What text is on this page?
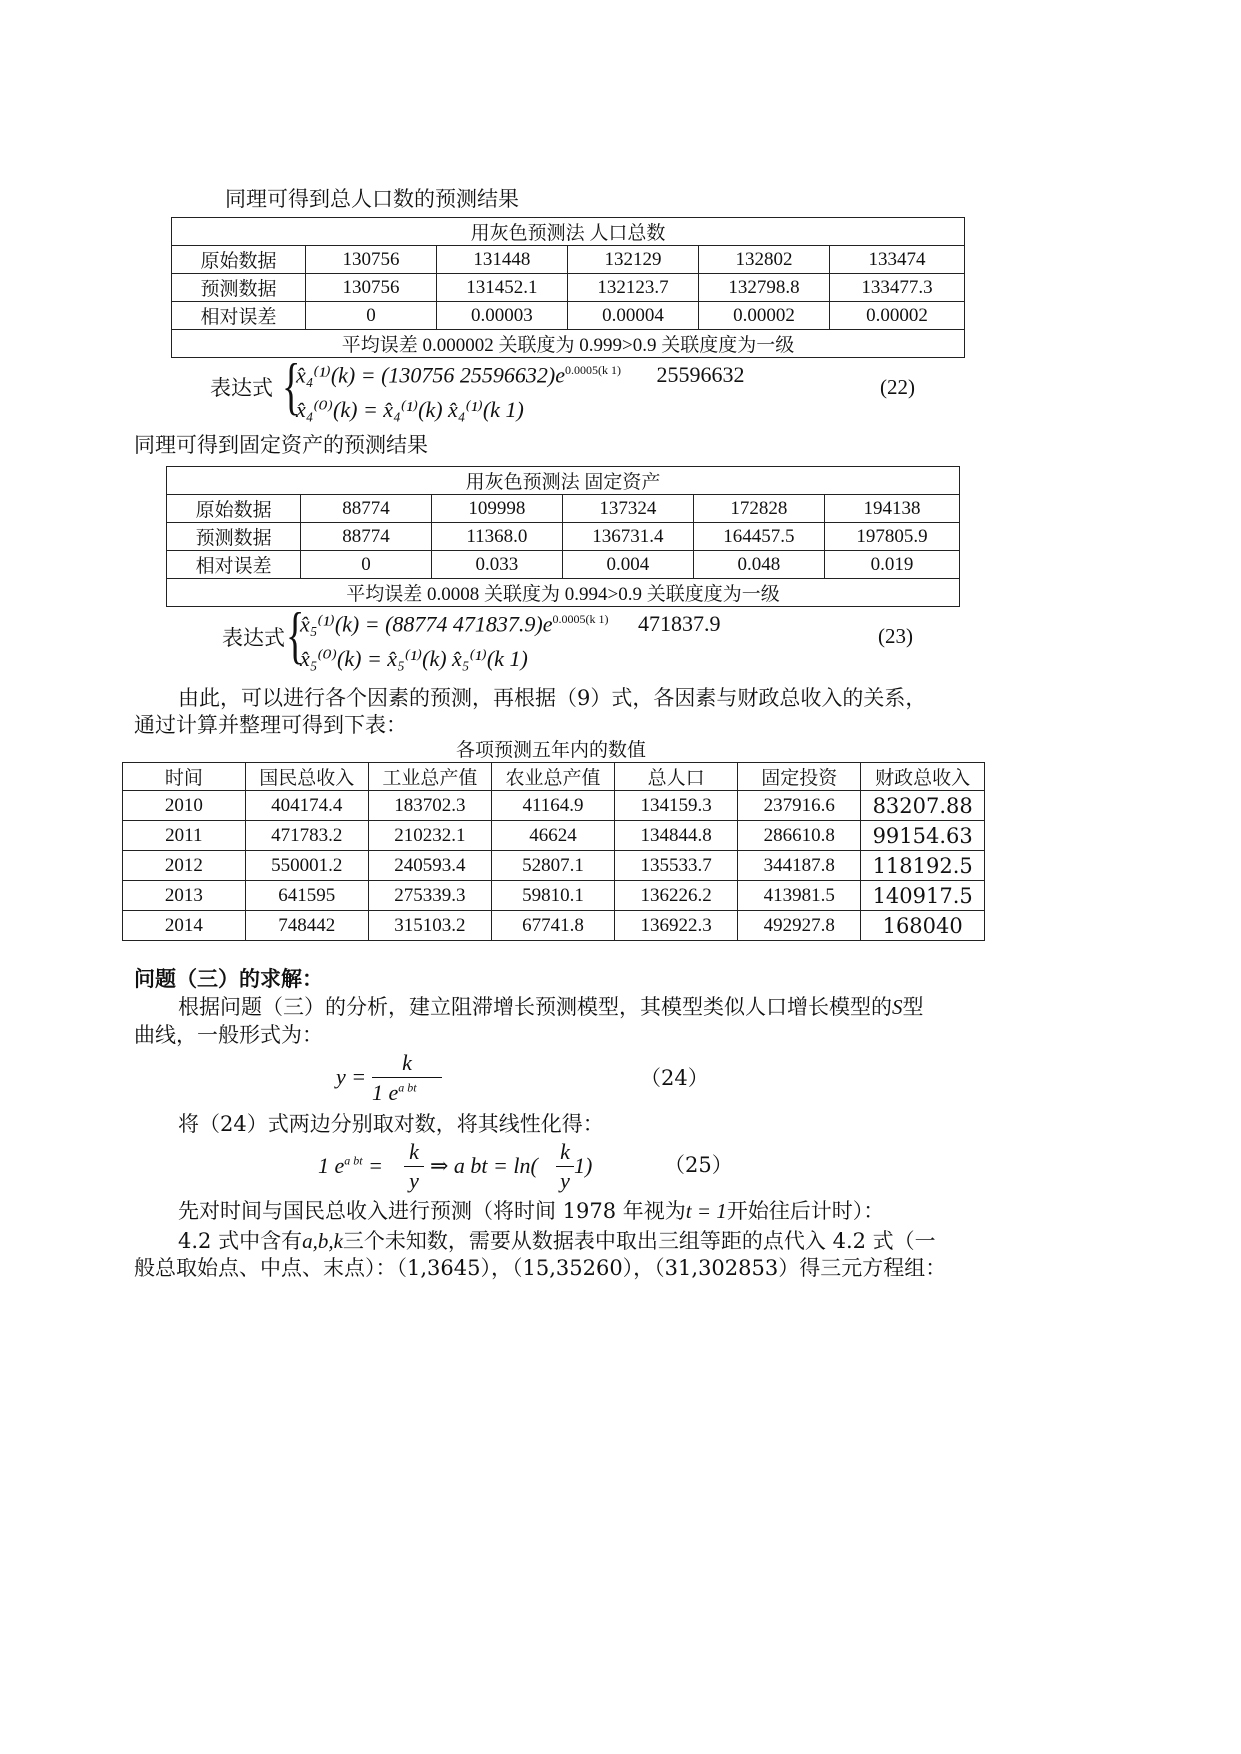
同理可得到总人口数的预测结果
用灰色预测法 人口总数					
原始数据	130756	131448	132129	132802	133474
预测数据	130756	131452.1	132123.7	132798.8	133477.3
相对误差	0	0.00003	0.00004	0.00002	0.00002
平均误差 0.000002 关联度为 0.999>0.9 关联度度为一级					
表达式 {
x̂₄⁽¹⁾(k) = (130756 $25596632)e^{0.0005(k 1)}$ 25596632
x̂₄⁽⁰⁾(k) = x̂₄⁽¹⁾(k) x̂₄⁽¹⁾(k 1)
(22)
同理可得到固定资产的预测结果
用灰色预测法 固定资产					
原始数据	88774	109998	137324	172828	194138
预测数据	88774	11368.0	136731.4	164457.5	197805.9
相对误差	0	0.033	0.004	0.048	0.019
平均误差 0.0008 关联度为 0.994>0.9 关联度度为一级					
表达式 {
x̂₅⁽¹⁾(k) = (88774 $471837.9)e^{0.0005(k 1)}$ 471837.9
x̂₅⁽⁰⁾(k) = x̂₅⁽¹⁾(k) x̂₅⁽¹⁾(k 1)
(23)
由此，可以进行各个因素的预测，再根据（9）式，各因素与财政总收入的关系，
通过计算并整理可得到下表：
各项预测五年内的数值
时间	国民总收入	工业总产值	农业总产值	总人口	固定投资	财政总收入
2010	404174.4	183702.3	41164.9	134159.3	237916.6	83207.88
2011	471783.2	210232.1	46624	134844.8	286610.8	99154.63
2012	550001.2	240593.4	52807.1	135533.7	344187.8	118192.5
2013	641595	275339.3	59810.1	136226.2	413981.5	140917.5
2014	748442	315103.2	67741.8	136922.3	492927.8	168040
问题（三）的求解：
根据问题（三）的分析，建立阻滞增长预测模型，其模型类似人口增长模型的S型
曲线，一般形式为：
y =
k
1 $e^{a bt}$	（24）
将（24）式两边分别取对数，将其线性化得：
1 $e^{a bt}$ =
k
y
⇒ a bt = ln(
k
y
1)	（25）
先对时间与国民总收入进行预测（将时间 1978 年视为t = 1开始往后计时）：
4.2 式中含有a,b,k三个未知数，需要从数据表中取出三组等距的点代入 4.2 式（一
般总取始点、中点、末点）：（1,3645），（15,35260），（31,302853）得三元方程组：
